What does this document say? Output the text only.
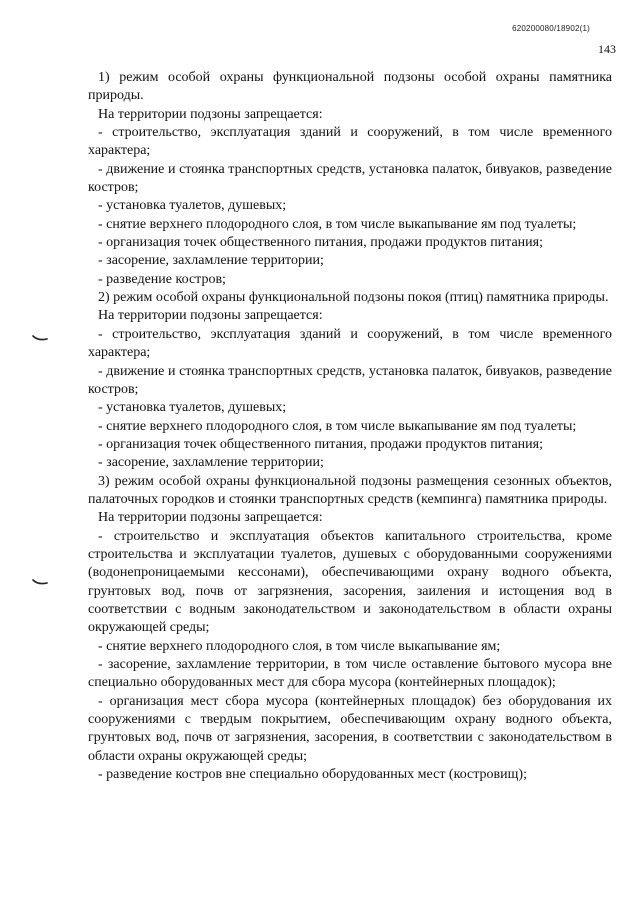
620200080/18902(1)
143

1) режим особой охраны функциональной подзоны особой охраны памятника природы.

На территории подзоны запрещается:

- строительство, эксплуатация зданий и сооружений, в том числе временного характера;

- движение и стоянка транспортных средств, установка палаток, бивуаков, разведение костров;

- установка туалетов, душевых;

- снятие верхнего плодородного слоя, в том числе выкапывание ям под туалеты;

- организация точек общественного питания, продажи продуктов питания;

- засорение, захламление территории;

- разведение костров;

2) режим особой охраны функциональной подзоны покоя (птиц) памятника природы.

На территории подзоны запрещается:

- строительство, эксплуатация зданий и сооружений, в том числе временного характера;

- движение и стоянка транспортных средств, установка палаток, бивуаков, разведение костров;

- установка туалетов, душевых;

- снятие верхнего плодородного слоя, в том числе выкапывание ям под туалеты;

- организация точек общественного питания, продажи продуктов питания;

- засорение, захламление территории;

3) режим особой охраны функциональной подзоны размещения сезонных объектов, палаточных городков и стоянки транспортных средств (кемпинга) памятника природы.

На территории подзоны запрещается:

- строительство и эксплуатация объектов капитального строительства, кроме строительства и эксплуатации туалетов, душевых с оборудованными сооружениями (водонепроницаемыми кессонами), обеспечивающими охрану водного объекта, грунтовых вод, почв от загрязнения, засорения, заиления и истощения вод в соответствии с водным законодательством и законодательством в области охраны окружающей среды;

- снятие верхнего плодородного слоя, в том числе выкапывание ям;

- засорение, захламление территории, в том числе оставление бытового мусора вне специально оборудованных мест для сбора мусора (контейнерных площадок);

- организация мест сбора мусора (контейнерных площадок) без оборудования их сооружениями с твердым покрытием, обеспечивающим охрану водного объекта, грунтовых вод, почв от загрязнения, засорения, в соответствии с законодательством в области охраны окружающей среды;

- разведение костров вне специально оборудованных мест (костровищ);
